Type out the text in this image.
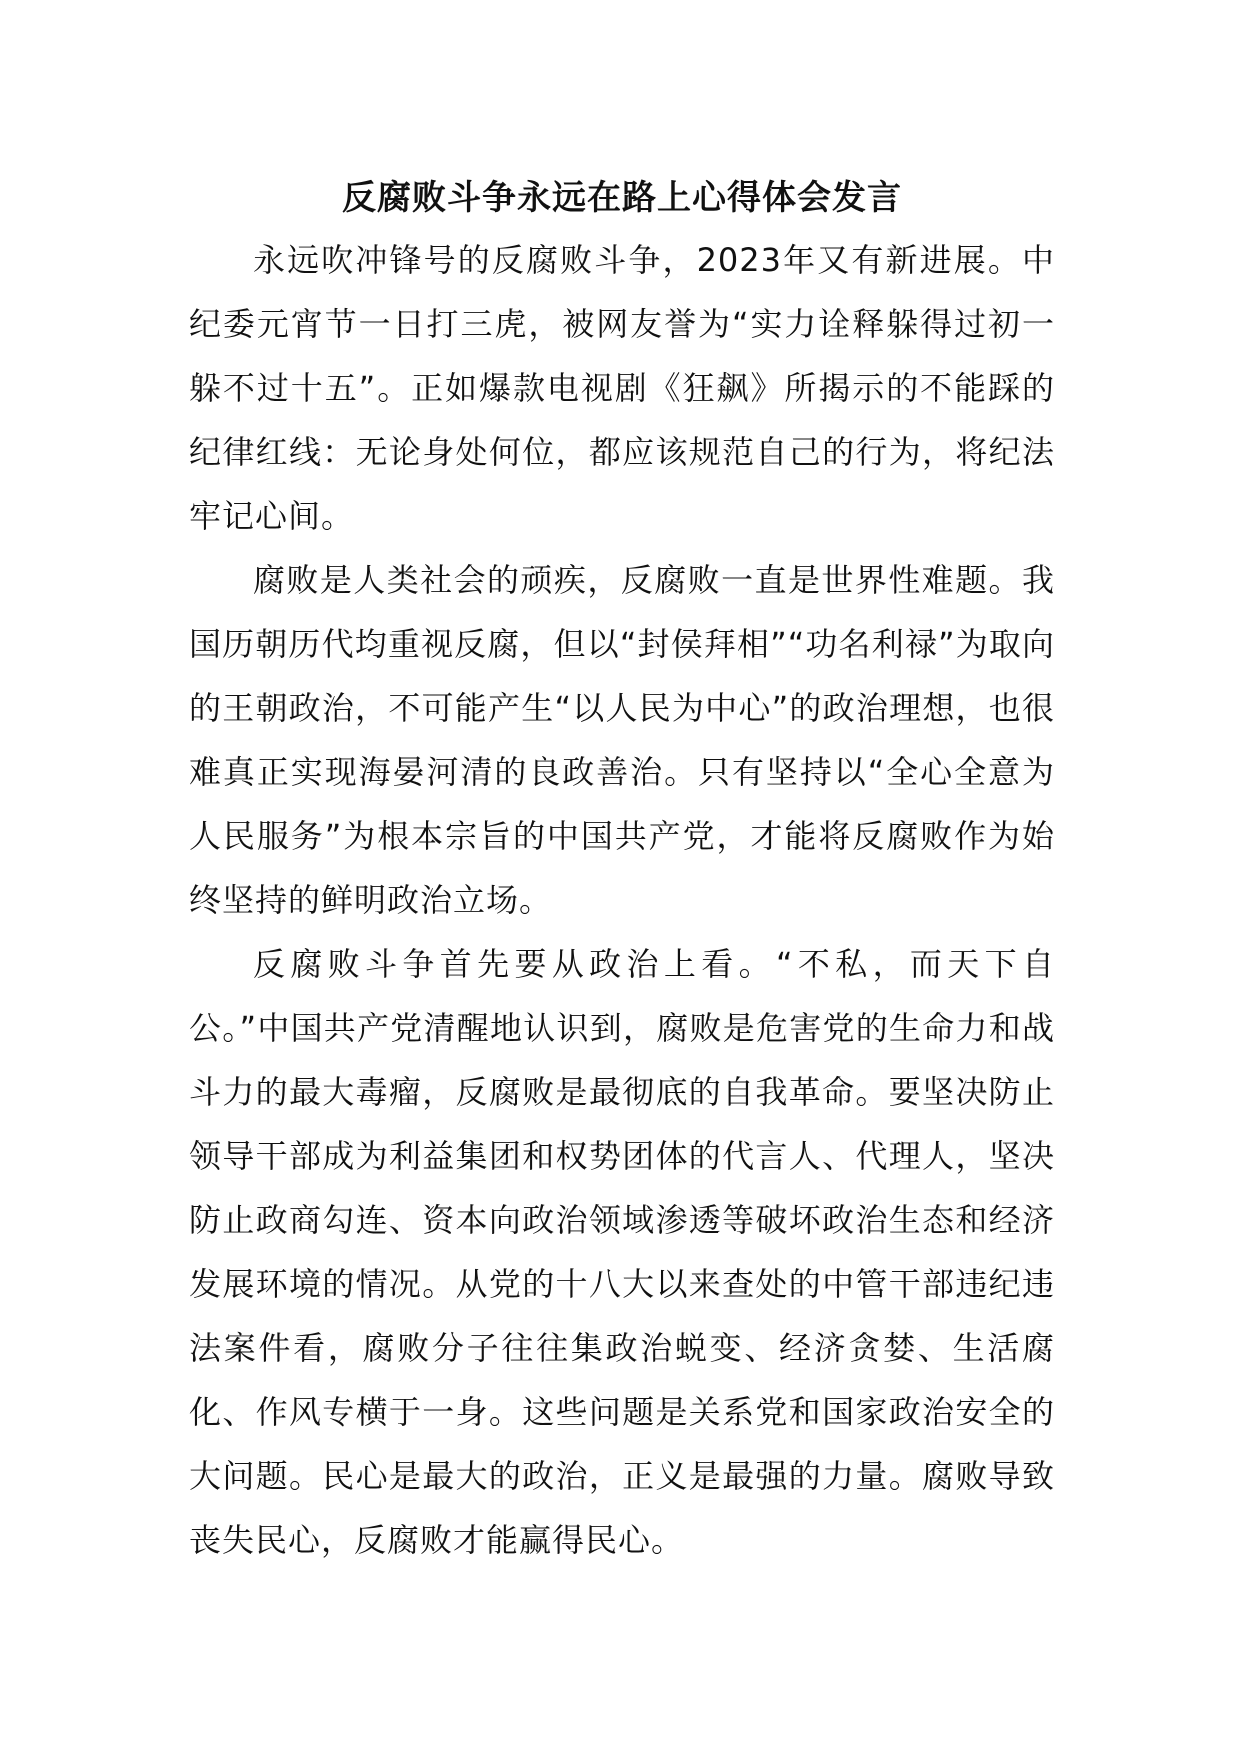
反腐败斗争永远在路上心得体会发言

永远吹冲锋号的反腐败斗争，2023年又有新进展。中纪委元宵节一日打三虎，被网友誉为“实力诠释躲得过初一躲不过十五”。正如爆款电视剧《狂飙》所揭示的不能踩的纪律红线：无论身处何位，都应该规范自己的行为，将纪法牢记心间。

腐败是人类社会的顽疾，反腐败一直是世界性难题。我国历朝历代均重视反腐，但以“封侯拜相”“功名利禄”为取向的王朝政治，不可能产生“以人民为中心”的政治理想，也很难真正实现海晏河清的良政善治。只有坚持以“全心全意为人民服务”为根本宗旨的中国共产党，才能将反腐败作为始终坚持的鲜明政治立场。

反腐败斗争首先要从政治上看。“不私，而天下自公。”中国共产党清醒地认识到，腐败是危害党的生命力和战斗力的最大毒瘤，反腐败是最彻底的自我革命。要坚决防止领导干部成为利益集团和权势团体的代言人、代理人，坚决防止政商勾连、资本向政治领域渗透等破坏政治生态和经济发展环境的情况。从党的十八大以来查处的中管干部违纪违法案件看，腐败分子往往集政治蜕变、经济贪婪、生活腐化、作风专横于一身。这些问题是关系党和国家政治安全的大问题。民心是最大的政治，正义是最强的力量。腐败导致丧失民心，反腐败才能赢得民心。
